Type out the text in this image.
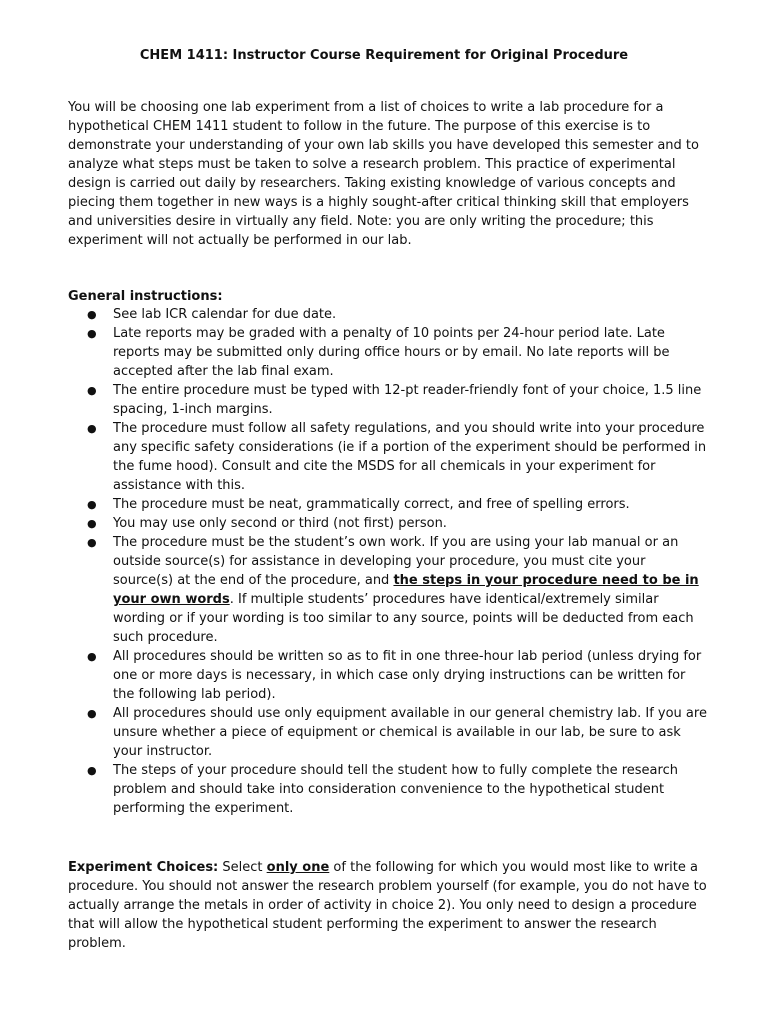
CHEM 1411: Instructor Course Requirement for Original Procedure

You will be choosing one lab experiment from a list of choices to write a lab procedure for a hypothetical CHEM 1411 student to follow in the future. The purpose of this exercise is to demonstrate your understanding of your own lab skills you have developed this semester and to analyze what steps must be taken to solve a research problem. This practice of experimental design is carried out daily by researchers. Taking existing knowledge of various concepts and piecing them together in new ways is a highly sought-after critical thinking skill that employers and universities desire in virtually any field. Note: you are only writing the procedure; this experiment will not actually be performed in our lab.

General instructions:
● See lab ICR calendar for due date.
● Late reports may be graded with a penalty of 10 points per 24-hour period late. Late reports may be submitted only during office hours or by email. No late reports will be accepted after the lab final exam.
● The entire procedure must be typed with 12-pt reader-friendly font of your choice, 1.5 line spacing, 1-inch margins.
● The procedure must follow all safety regulations, and you should write into your procedure any specific safety considerations (ie if a portion of the experiment should be performed in the fume hood). Consult and cite the MSDS for all chemicals in your experiment for assistance with this.
● The procedure must be neat, grammatically correct, and free of spelling errors.
● You may use only second or third (not first) person.
● The procedure must be the student’s own work. If you are using your lab manual or an outside source(s) for assistance in developing your procedure, you must cite your source(s) at the end of the procedure, and the steps in your procedure need to be in your own words. If multiple students’ procedures have identical/extremely similar wording or if your wording is too similar to any source, points will be deducted from each such procedure.
● All procedures should be written so as to fit in one three-hour lab period (unless drying for one or more days is necessary, in which case only drying instructions can be written for the following lab period).
● All procedures should use only equipment available in our general chemistry lab. If you are unsure whether a piece of equipment or chemical is available in our lab, be sure to ask your instructor.
● The steps of your procedure should tell the student how to fully complete the research problem and should take into consideration convenience to the hypothetical student performing the experiment.

Experiment Choices: Select only one of the following for which you would most like to write a procedure. You should not answer the research problem yourself (for example, you do not have to actually arrange the metals in order of activity in choice 2). You only need to design a procedure that will allow the hypothetical student performing the experiment to answer the research problem.
